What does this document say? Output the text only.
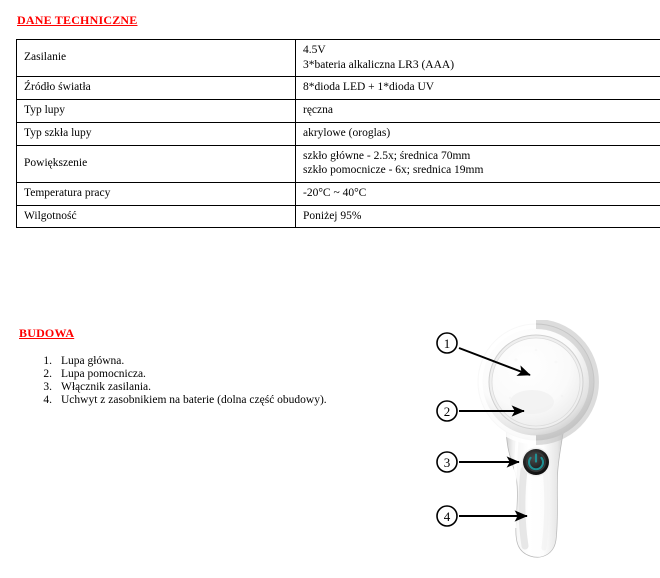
DANE TECHNICZNE
Zasilanie	4.5V
3*bateria alkaliczna LR3 (AAA)

Źródło światła	8*dioda LED + 1*dioda UV

Typ lupy	ręczna

Typ szkła lupy	akrylowe (oroglas)

Powiększenie	szkło główne - 2.5x; średnica 70mm
szkło pomocnicze - 6x; srednica 19mm

Temperatura pracy	-20°C ~ 40°C

Wilgotność	Poniżej 95%
BUDOWA
1. Lupa główna.
2. Lupa pomocnicza.
3. Włącznik zasilania.
4. Uchwyt z zasobnikiem na baterie (dolna część obudowy).
1
2
3
4
